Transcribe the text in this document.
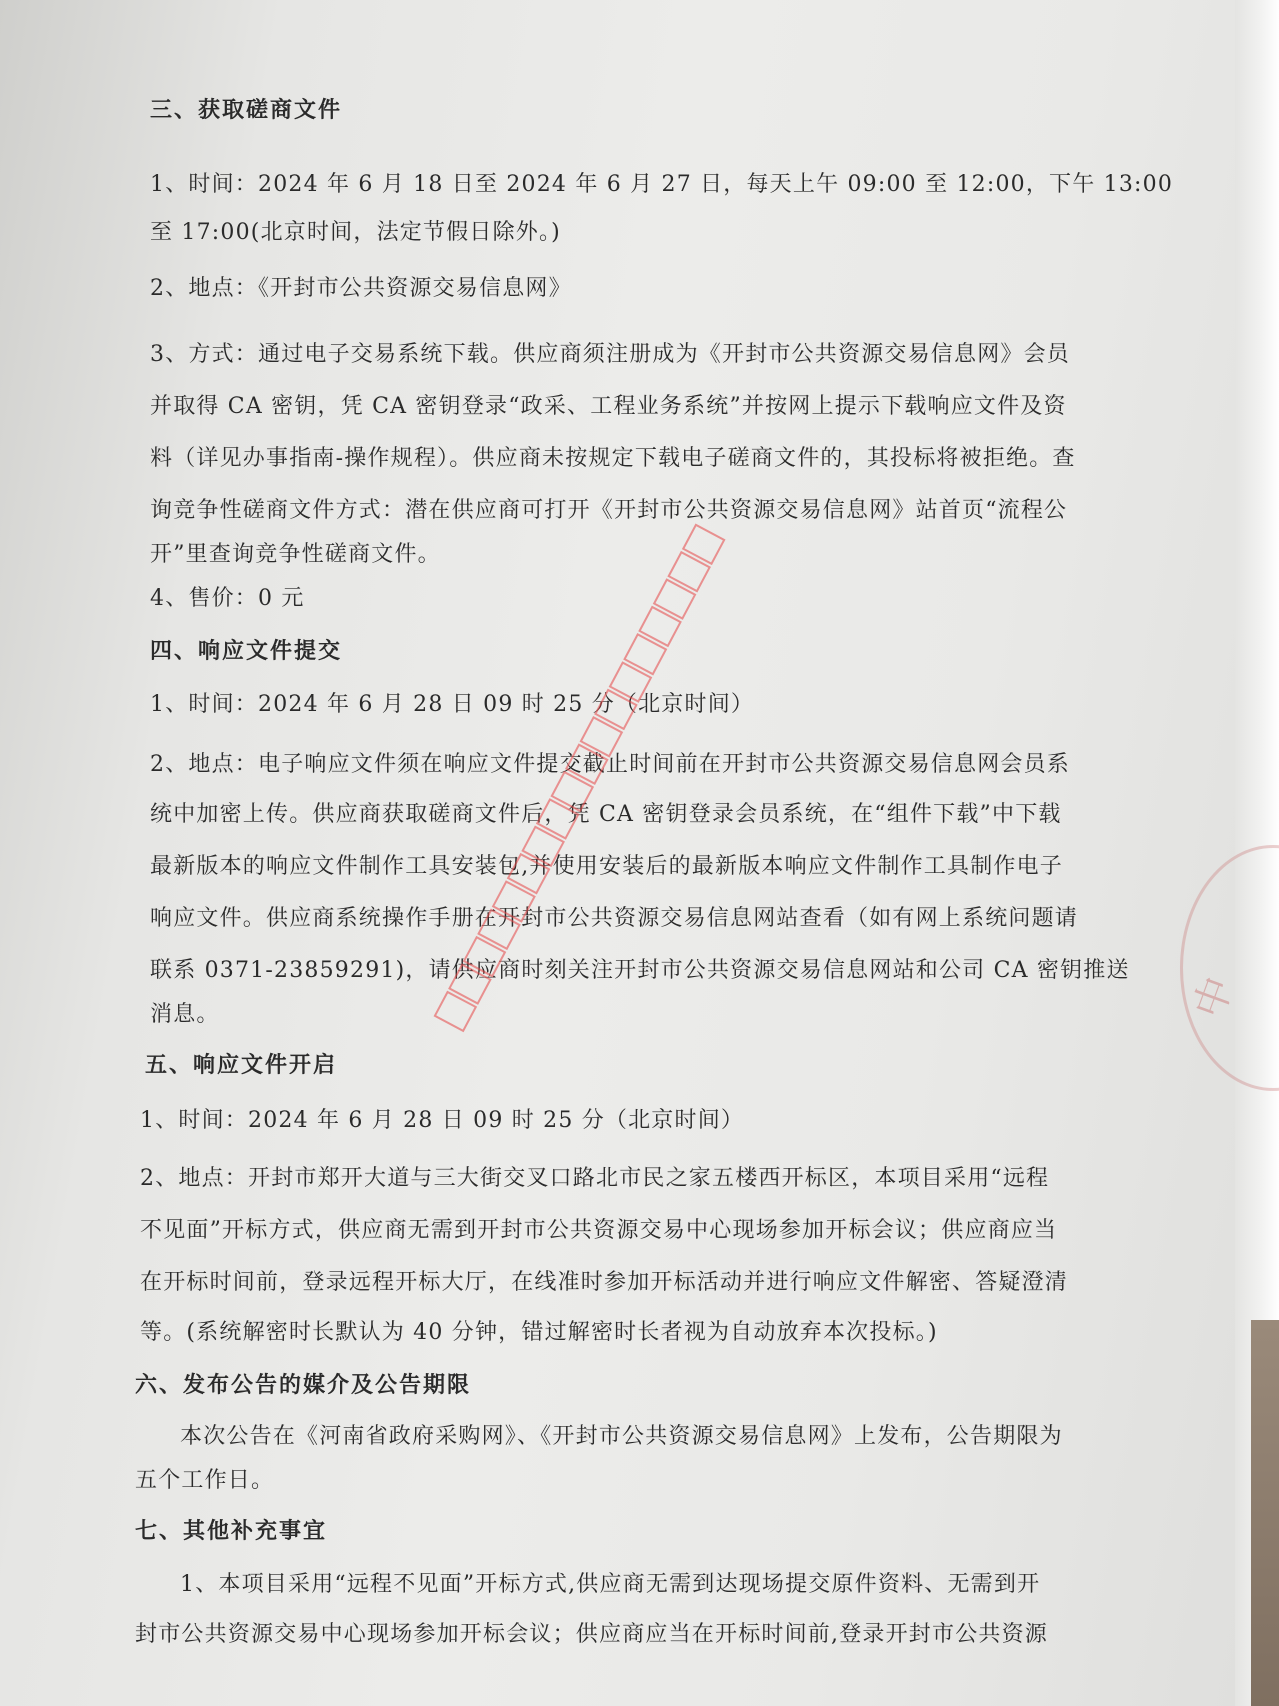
中
三、获取磋商文件
1、时间：2024 年 6 月 18 日至 2024 年 6 月 27 日，每天上午 09:00 至 12:00，下午 13:00
至 17:00(北京时间，法定节假日除外。)
2、地点：《开封市公共资源交易信息网》
3、方式：通过电子交易系统下载。供应商须注册成为《开封市公共资源交易信息网》会员
并取得 CA 密钥，凭 CA 密钥登录“政采、工程业务系统”并按网上提示下载响应文件及资
料（详见办事指南-操作规程）。供应商未按规定下载电子磋商文件的，其投标将被拒绝。查
询竞争性磋商文件方式：潜在供应商可打开《开封市公共资源交易信息网》站首页“流程公
开”里查询竞争性磋商文件。
4、售价：0 元
四、响应文件提交
1、时间：2024 年 6 月 28 日 09 时 25 分（北京时间）
2、地点：电子响应文件须在响应文件提交截止时间前在开封市公共资源交易信息网会员系
统中加密上传。供应商获取磋商文件后，凭 CA 密钥登录会员系统，在“组件下载”中下载
最新版本的响应文件制作工具安装包,并使用安装后的最新版本响应文件制作工具制作电子
响应文件。供应商系统操作手册在开封市公共资源交易信息网站查看（如有网上系统问题请
联系 0371-23859291)，请供应商时刻关注开封市公共资源交易信息网站和公司 CA 密钥推送
消息。
五、响应文件开启
1、时间：2024 年 6 月 28 日 09 时 25 分（北京时间）
2、地点：开封市郑开大道与三大街交叉口路北市民之家五楼西开标区，本项目采用“远程
不见面”开标方式，供应商无需到开封市公共资源交易中心现场参加开标会议；供应商应当
在开标时间前，登录远程开标大厅，在线准时参加开标活动并进行响应文件解密、答疑澄清
等。(系统解密时长默认为 40 分钟，错过解密时长者视为自动放弃本次投标。)
六、发布公告的媒介及公告期限
本次公告在《河南省政府采购网》、《开封市公共资源交易信息网》上发布，公告期限为
五个工作日。
七、其他补充事宜
1、本项目采用“远程不见面”开标方式,供应商无需到达现场提交原件资料、无需到开
封市公共资源交易中心现场参加开标会议；供应商应当在开标时间前,登录开封市公共资源
